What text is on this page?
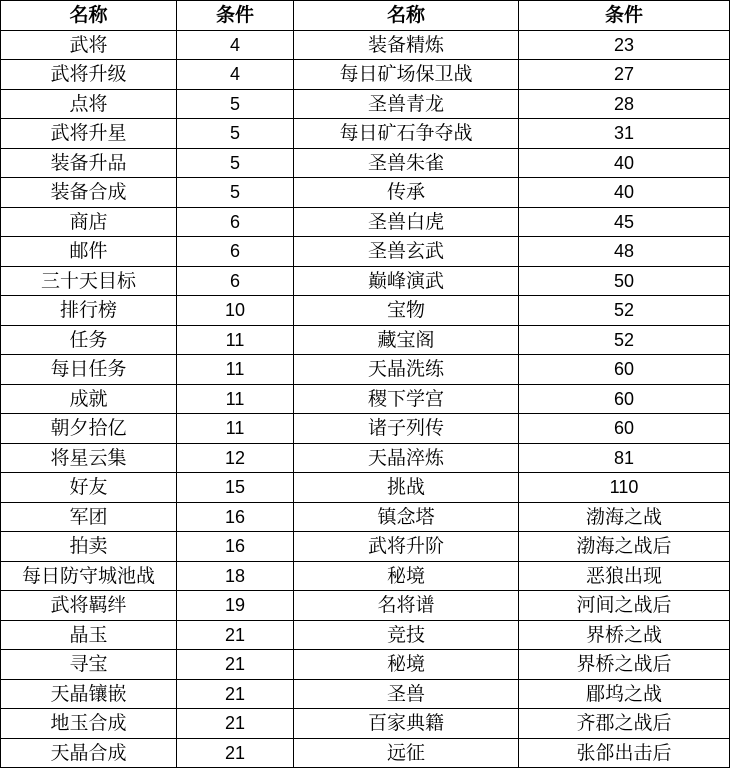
名称	条件	名称	条件
武将	4	装备精炼	23
武将升级	4	每日矿场保卫战	27
点将	5	圣兽青龙	28
武将升星	5	每日矿石争夺战	31
装备升品	5	圣兽朱雀	40
装备合成	5	传承	40
商店	6	圣兽白虎	45
邮件	6	圣兽玄武	48
三十天目标	6	巅峰演武	50
排行榜	10	宝物	52
任务	11	藏宝阁	52
每日任务	11	天晶洗练	60
成就	11	稷下学宫	60
朝夕拾亿	11	诸子列传	60
将星云集	12	天晶淬炼	81
好友	15	挑战	110
军团	16	镇念塔	渤海之战
拍卖	16	武将升阶	渤海之战后
每日防守城池战	18	秘境	恶狼出现
武将羁绊	19	名将谱	河间之战后
晶玉	21	竞技	界桥之战
寻宝	21	秘境	界桥之战后
天晶镶嵌	21	圣兽	郿坞之战
地玉合成	21	百家典籍	齐郡之战后
天晶合成	21	远征	张郃出击后
